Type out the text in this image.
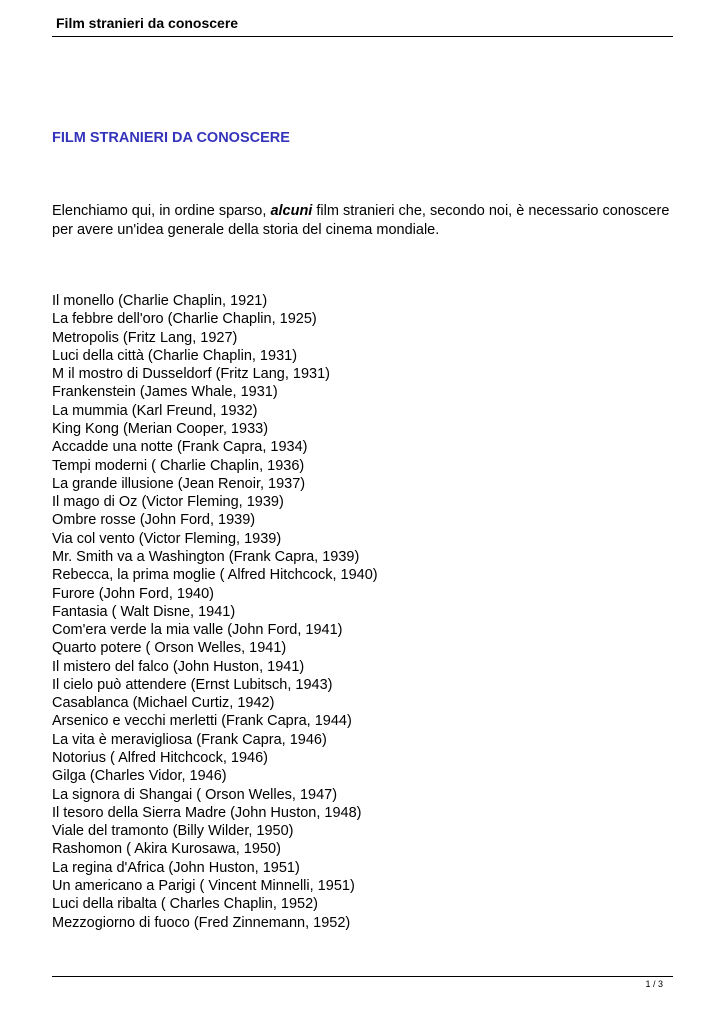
Film stranieri da conoscere
FILM STRANIERI DA CONOSCERE

Elenchiamo qui, in ordine sparso, alcuni film stranieri che, secondo noi, è necessario conoscere per avere un'idea generale della storia del cinema mondiale.

Il monello (Charlie Chaplin, 1921)
La febbre dell'oro (Charlie Chaplin, 1925)
Metropolis (Fritz Lang, 1927)
Luci della città (Charlie Chaplin, 1931)
M il mostro di Dusseldorf (Fritz Lang, 1931)
Frankenstein (James Whale, 1931)
La mummia (Karl Freund, 1932)
King Kong (Merian Cooper, 1933)
Accadde una notte (Frank Capra, 1934)
Tempi moderni ( Charlie Chaplin, 1936)
La grande illusione (Jean Renoir, 1937)
Il mago di Oz (Victor Fleming, 1939)
Ombre rosse (John Ford, 1939)
Via col vento (Victor Fleming, 1939)
Mr. Smith va a Washington (Frank Capra, 1939)
Rebecca, la prima moglie ( Alfred Hitchcock, 1940)
Furore (John Ford, 1940)
Fantasia ( Walt Disne, 1941)
Com'era verde la mia valle (John Ford, 1941)
Quarto potere ( Orson Welles, 1941)
Il mistero del falco (John Huston, 1941)
Il cielo può attendere (Ernst Lubitsch, 1943)
Casablanca (Michael Curtiz, 1942)
Arsenico e vecchi merletti (Frank Capra, 1944)
La vita è meravigliosa (Frank Capra, 1946)
Notorius ( Alfred Hitchcock, 1946)
Gilga (Charles Vidor, 1946)
La signora di Shangai ( Orson Welles, 1947)
Il tesoro della Sierra Madre (John Huston, 1948)
Viale del tramonto (Billy Wilder, 1950)
Rashomon ( Akira Kurosawa, 1950)
La regina d'Africa (John Huston, 1951)
Un americano a Parigi ( Vincent Minnelli, 1951)
Luci della ribalta ( Charles Chaplin, 1952)
Mezzogiorno di fuoco (Fred Zinnemann, 1952)
1 / 3
